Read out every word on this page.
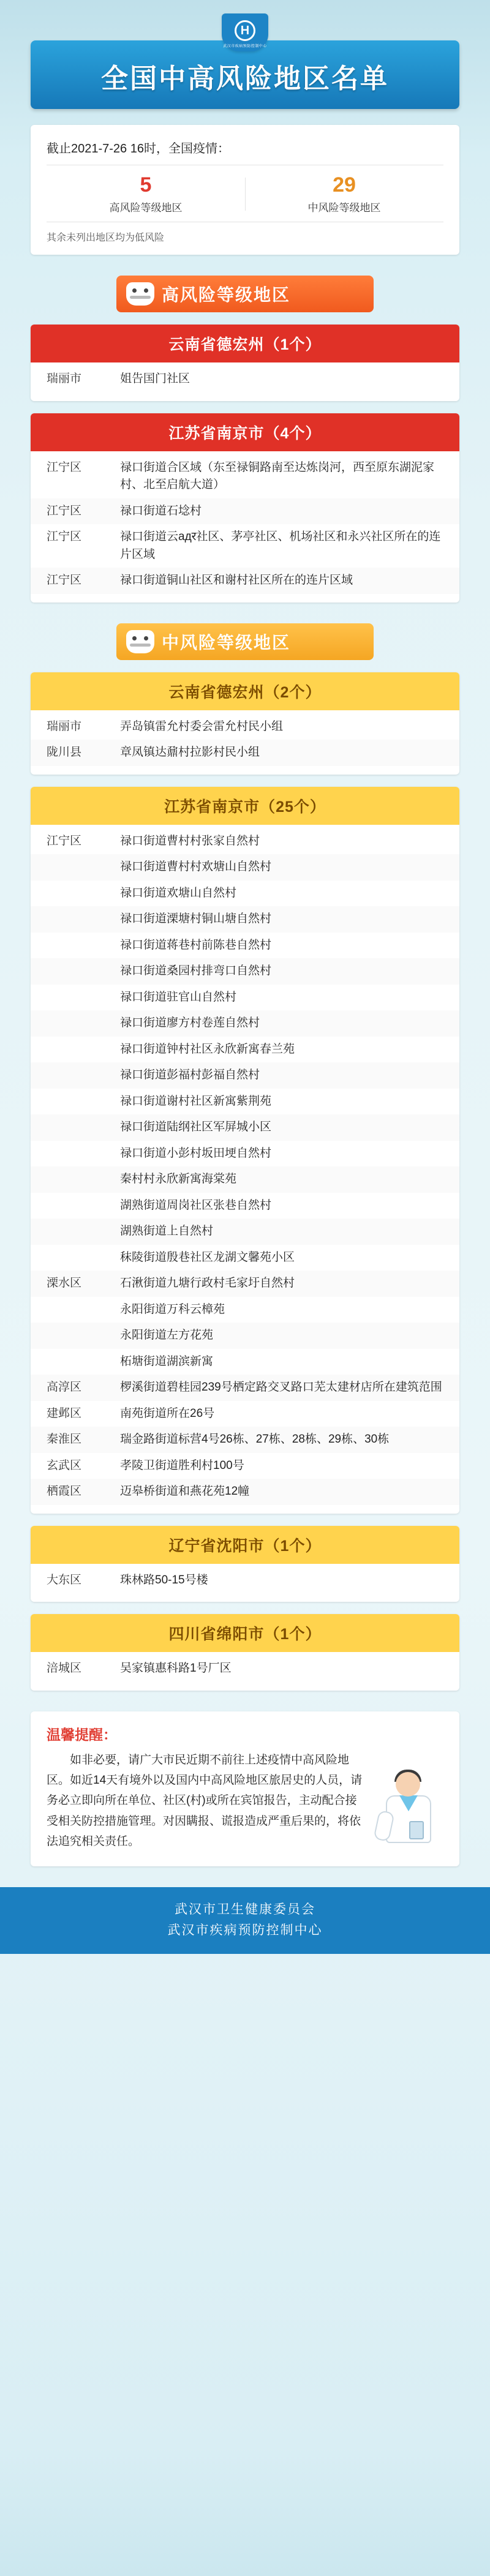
H
武汉市疾病预防控制中心
全国中高风险地区名单
截止2021-7-26 16时，全国疫情：
5
高风险等级地区
29
中风险等级地区
其余未列出地区均为低风险
高风险等级地区
云南省德宏州（1个）
瑞丽市	姐告国门社区
江苏省南京市（4个）
江宁区	禄口街道合区域（东至禄铜路南至达炼岗河，西至原东湖泥家村、北至启航大道）
江宁区	禄口街道石埝村
江宁区	禄口街道云адर社区、茅亭社区、机场社区和永兴社区所在的连片区域
江宁区	禄口街道铜山社区和谢村社区所在的连片区域
中风险等级地区
云南省德宏州（2个）
瑞丽市	弄岛镇雷允村委会雷允村民小组
陇川县	章凤镇达鼐村拉影村民小组
江苏省南京市（25个）
江宁区	禄口街道曹村村张家自然村
禄口街道曹村村欢塘山自然村
禄口街道欢塘山自然村
禄口街道溧塘村铜山塘自然村
禄口街道蒋巷村前陈巷自然村
禄口街道桑园村排弯口自然村
禄口街道驻官山自然村
禄口街道廖方村卷莲自然村
禄口街道钟村社区永欣新寓春兰苑
禄口街道彭福村彭福自然村
禄口街道谢村社区新寓紫荆苑
禄口街道陆纲社区军屏城小区
禄口街道小彭村坂田埂自然村
秦村村永欣新寓海棠苑
湖熟街道周岗社区张巷自然村
湖熟街道上自然村
秣陵街道殷巷社区龙湖文馨苑小区
溧水区	石湫街道九塘行政村毛家圩自然村
永阳街道万科云樟苑
永阳街道左方花苑
柘塘街道湖滨新寓
高淳区	椤溪街道碧桂园239号栖定路交叉路口芜太建材店所在建筑范围
建邺区	南苑街道所在26号
秦淮区	瑞金路街道标营4号26栋、27栋、28栋、29栋、30栋
玄武区	孝陵卫街道胜利村100号
栖霞区	迈皋桥街道和燕花苑12幢
辽宁省沈阳市（1个）
大东区	珠林路50-15号楼
四川省绵阳市（1个）
涪城区	吴家镇惠科路1号厂区
温馨提醒：
如非必要，请广大市民近期不前往上述疫情中高风险地区。如近14天有境外以及国内中高风险地区旅居史的人员，请务必立即向所在单位、社区(村)或所在宾馆报告，主动配合接受相关防控措施管理。对因瞒报、谎报造成严重后果的，将依法追究相关责任。
武汉市卫生健康委员会
武汉市疾病预防控制中心
